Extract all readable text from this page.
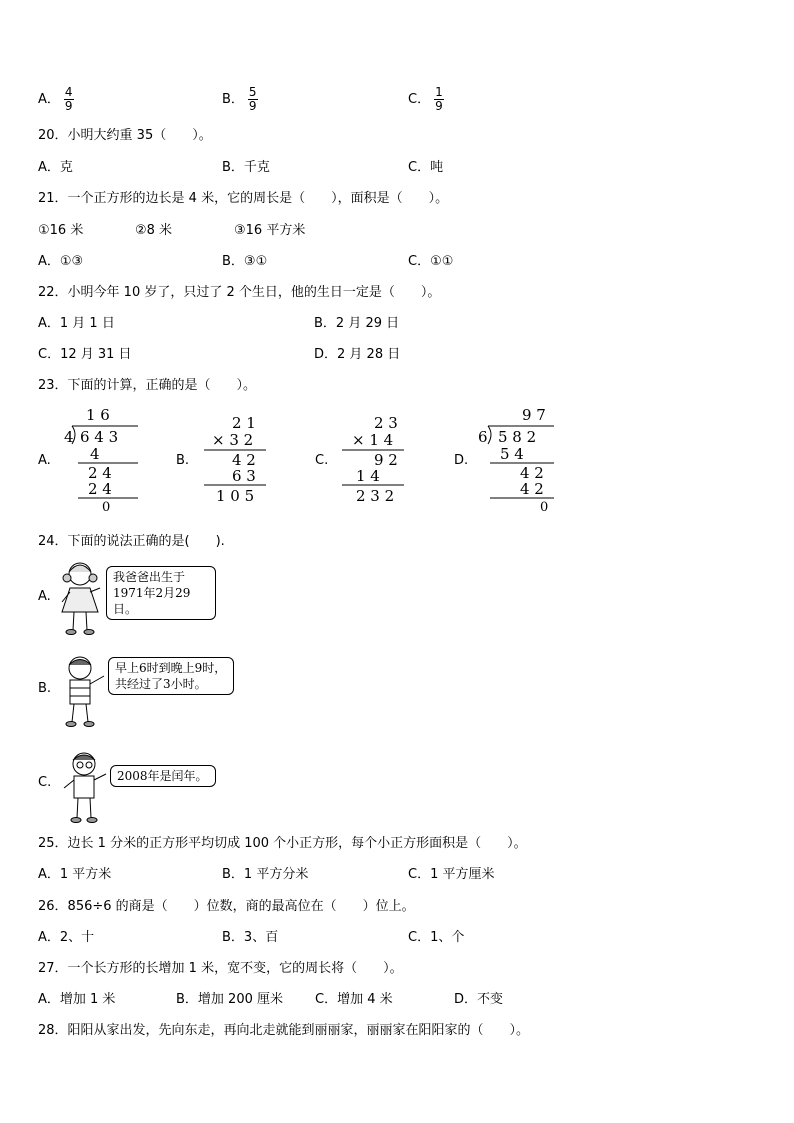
A． $\frac{4}{9}$	B． $\frac{5}{9}$	C． $\frac{1}{9}$
20．小明大约重 35（　　）。
A．克	B．千克	C．吨
21．一个正方形的边长是 4 米，它的周长是（　　），面积是（　　）。
①16 米	②8 米	③16 平方米
A．①③	B．③①	C．①①
22．小明今年 10 岁了，只过了 2 个生日，他的生日一定是（　　）。
A．1 月 1 日	B．2 月 29 日
C．12 月 31 日	D．2 月 28 日
23．下面的计算，正确的是（　　）。
A.
1 6
4 6 4 3
4
2 4
2 4
0
B.
2 1
× 3 2
4 2
6 3
1 0 5
C.
2 3
× 1 4
9 2
1 4
2 3 2
D.
9 7
6 5 8 2
5 4
4 2
4 2
0
24．下面的说法正确的是(　　).
A.
我爸爸出生于
1971年2月29日。
B.
早上6时到晚上9时，
共经过了3小时。
C.	2008年是闰年。
25．边长 1 分米的正方形平均切成 100 个小正方形，每个小正方形面积是（　　）。
A．1 平方米	B．1 平方分米	C．1 平方厘米
26．856÷6 的商是（　　）位数，商的最高位在（　　）位上。
A．2、十	B．3、百	C．1、个
27．一个长方形的长增加 1 米，宽不变，它的周长将（　　）。
A．增加 1 米	B．增加 200 厘米 C．增加 4 米	D．不变
28．阳阳从家出发，先向东走，再向北走就能到丽丽家，丽丽家在阳阳家的（　　）。
